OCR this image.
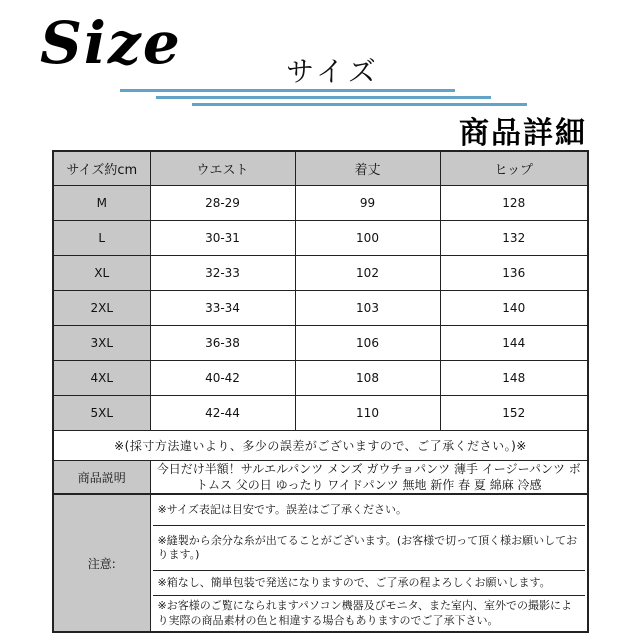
Size	サイズ
商品詳細
サイズ約cm	ウエスト	着丈	ヒップ
M	28-29	99	128
L	30-31	100	132
XL	32-33	102	136
2XL	33-34	103	140
3XL	36-38	106	144
4XL	40-42	108	148
5XL	42-44	110	152
※(採寸方法違いより、多少の誤差がございますので、ご了承ください。)※			
商品説明	今日だけ半額！サルエルパンツ メンズ ガウチョパンツ 薄手 イージーパンツ ボトムス 父の日 ゆったり ワイドパンツ 無地 新作 春 夏 綿麻 冷感		
注意:	※サイズ表記は目安です。誤差はご了承ください。
※縫製から余分な糸が出てることがございます。(お客様で切って頂く様お願いしております。)
※箱なし、簡単包装で発送になりますので、ご了承の程よろしくお願いします。
※お客様のご覧になられますパソコン機器及びモニタ、また室内、室外での撮影により実際の商品素材の色と相違する場合もありますのでご了承下さい。		
